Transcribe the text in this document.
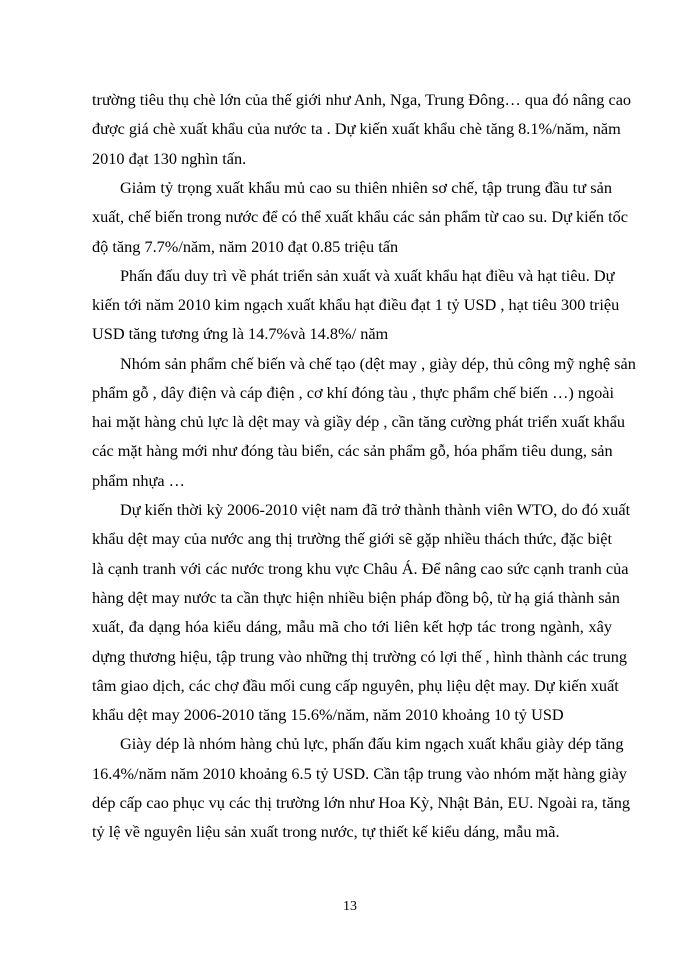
trường tiêu thụ chè lớn của thế giới như Anh, Nga, Trung Đông… qua đó nâng cao
được giá chè xuất khẩu của nước ta . Dự kiến xuất khẩu chè tăng 8.1%/năm, năm
2010 đạt 130 nghìn tấn.
Giảm tỷ trọng xuất khẩu mủ cao su thiên nhiên sơ chế, tập trung đầu tư sản
xuất, chế biến trong nước để có thể xuất khẩu các sản phẩm từ cao su. Dự kiến tốc
độ tăng 7.7%/năm, năm 2010 đạt 0.85 triệu tấn
Phấn đấu duy trì về phát triển sản xuất và xuất khẩu hạt điều và hạt tiêu. Dự
kiến tới năm 2010 kim ngạch xuất khẩu hạt điều đạt 1 tỷ USD , hạt tiêu 300 triệu
USD tăng tương ứng là 14.7%và 14.8%/ năm
Nhóm sản phẩm chế biến và chế tạo (dệt may , giày dép, thủ công mỹ nghệ sản
phẩm gỗ , dây điện và cáp điện , cơ khí đóng tàu , thực phẩm chế biến …) ngoài
hai mặt hàng chủ lực là dệt may và giầy dép , cần tăng cường phát triển xuất khẩu
các mặt hàng mới như đóng tàu biển, các sản phẩm gỗ, hóa phẩm tiêu dung, sản
phẩm nhựa …
Dự kiến thời kỳ 2006-2010 việt nam đã trở thành thành viên WTO, do đó xuất
khẩu dệt may của nước ang thị trường thế giới sẽ gặp nhiều thách thức, đặc biệt
là cạnh tranh với các nước trong khu vực Châu Á. Để nâng cao sức cạnh tranh của
hàng dệt may nước ta cần thực hiện nhiều biện pháp đồng bộ, từ hạ giá thành sản
xuất, đa dạng hóa kiểu dáng, mẫu mã cho tới liên kết hợp tác trong ngành, xây
dựng thương hiệu, tập trung vào những thị trường có lợi thế , hình thành các trung
tâm giao dịch, các chợ đầu mối cung cấp nguyên, phụ liệu dệt may. Dự kiến xuất
khẩu dệt may 2006-2010 tăng 15.6%/năm, năm 2010 khoảng 10 tỷ USD
Giày dép là nhóm hàng chủ lực, phấn đấu kim ngạch xuất khẩu giày dép tăng
16.4%/năm năm 2010 khoảng 6.5 tỷ USD. Cần tập trung vào nhóm mặt hàng giày
dép cấp cao phục vụ các thị trường lớn như Hoa Kỳ, Nhật Bản, EU. Ngoài ra, tăng
tỷ lệ về nguyên liệu sản xuất trong nước, tự thiết kế kiểu dáng, mẫu mã.
13
